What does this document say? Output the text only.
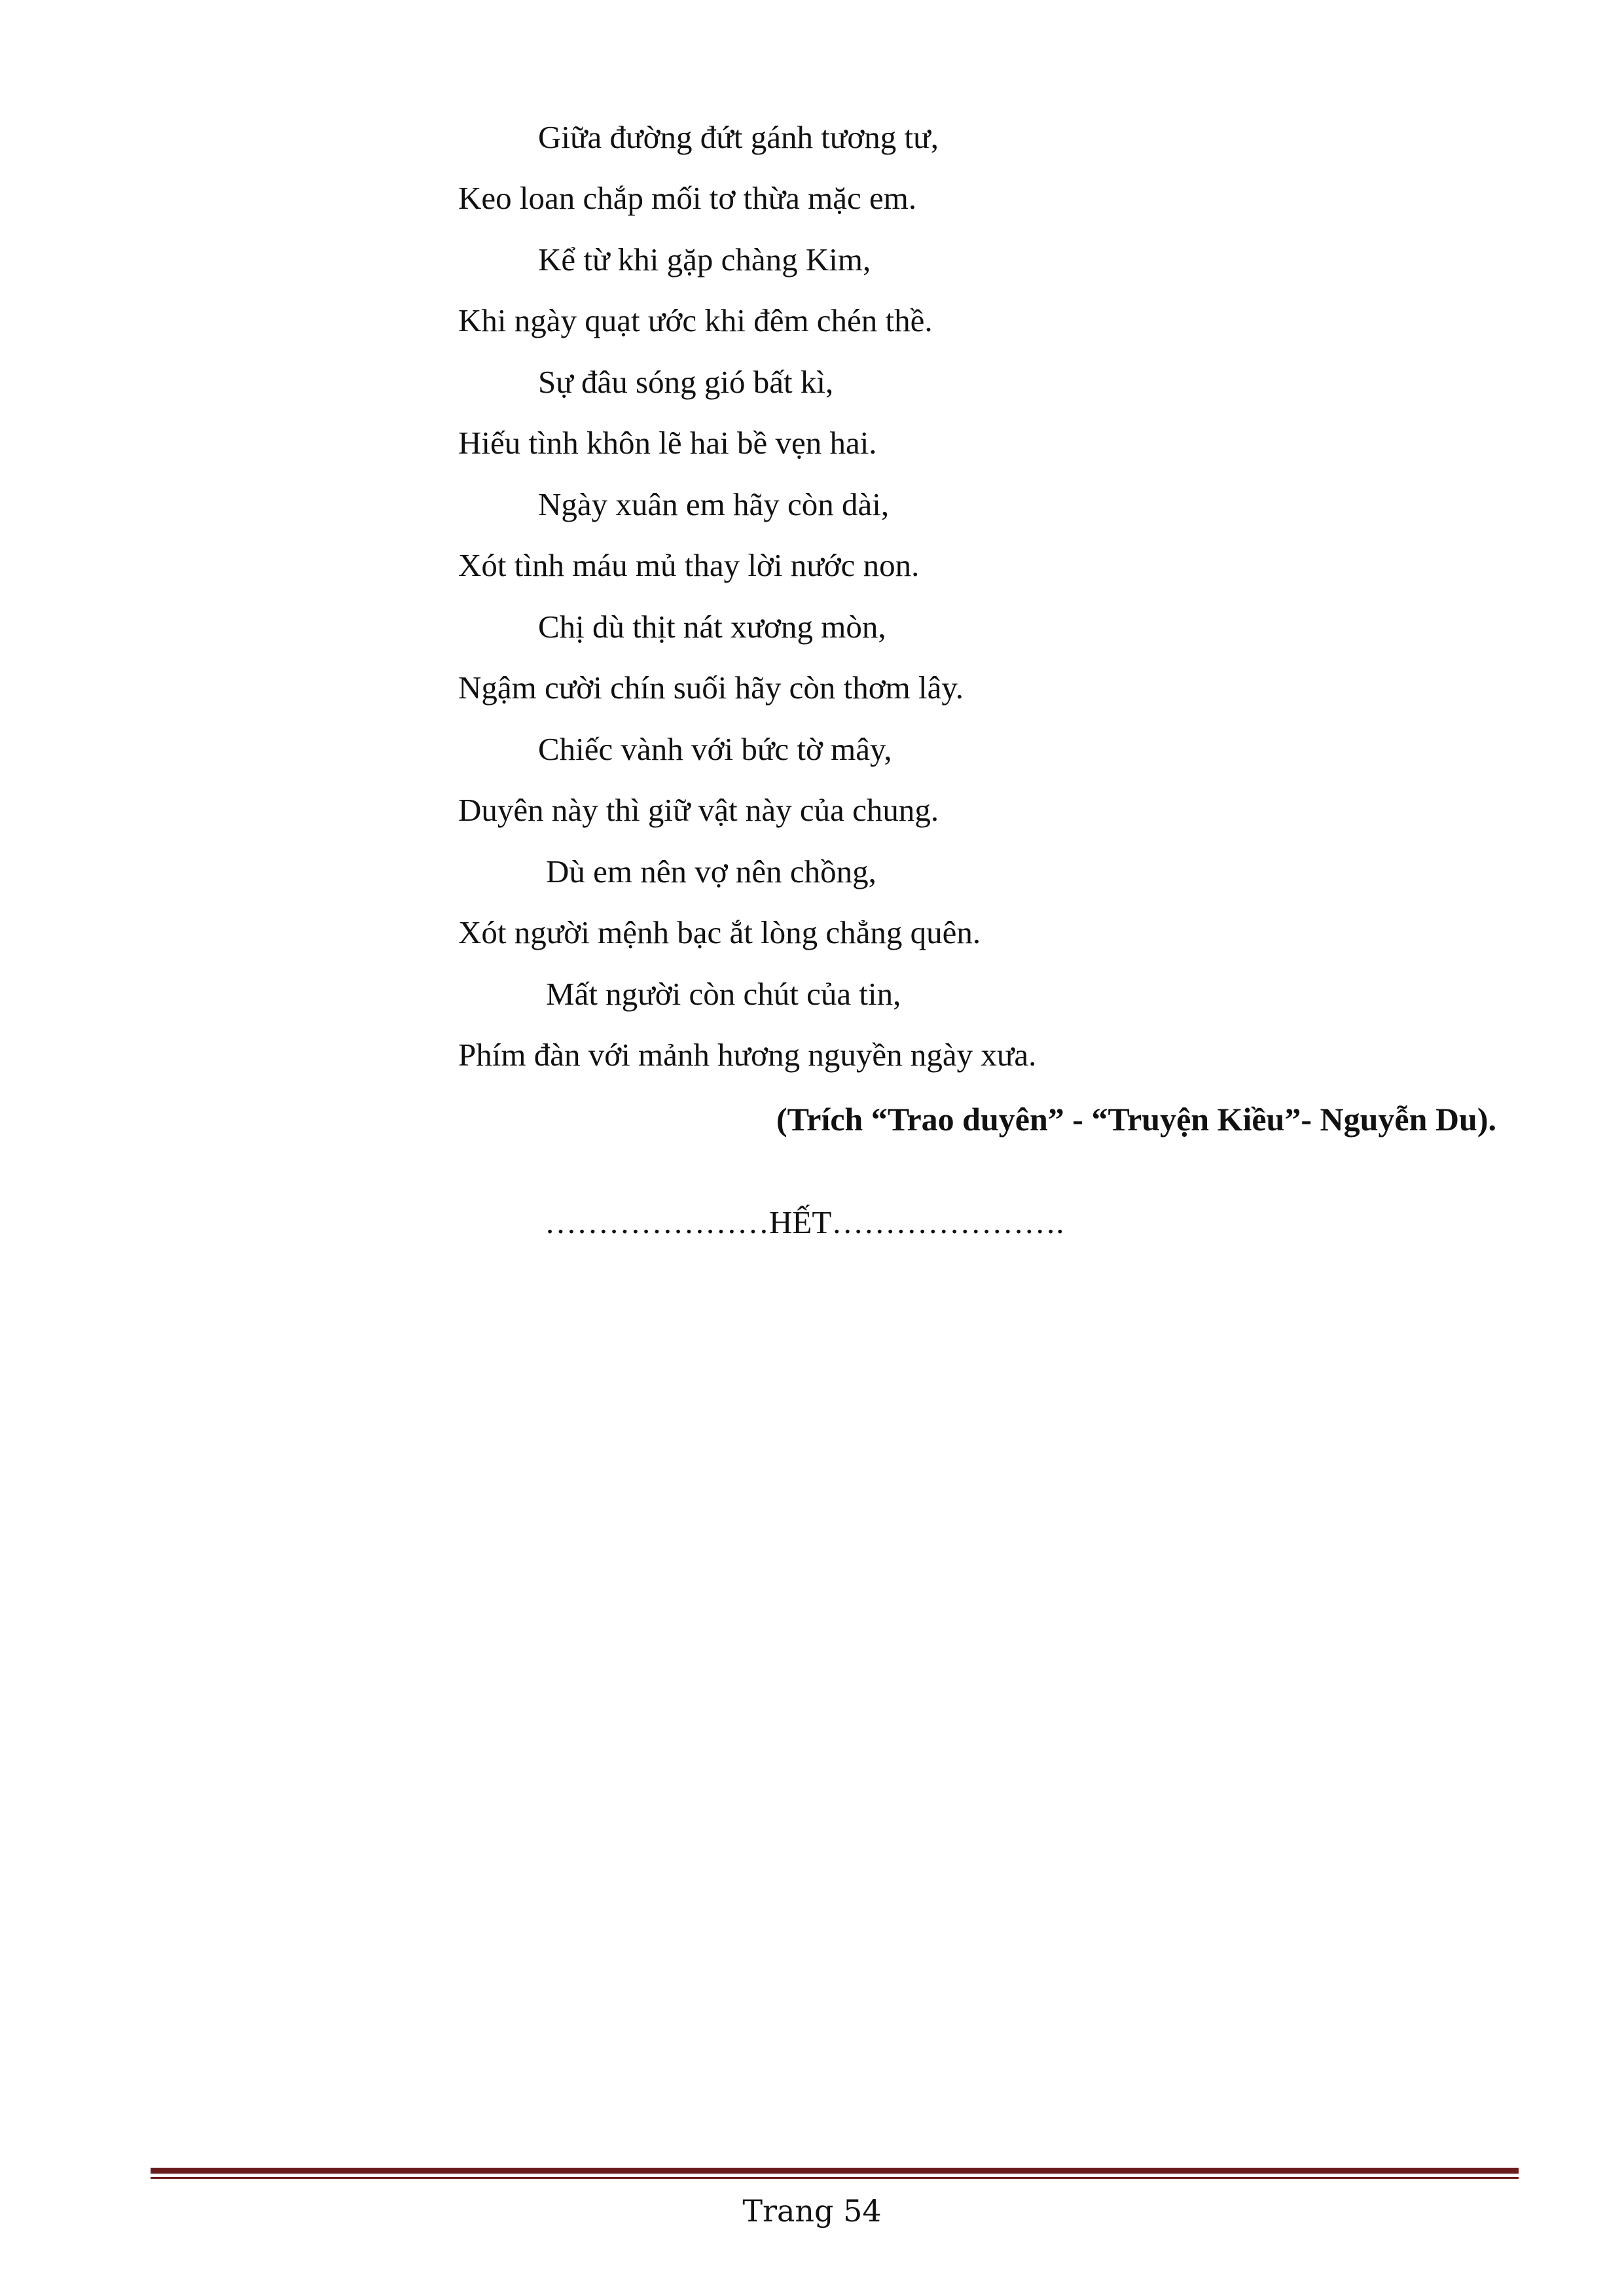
Giữa đường đứt gánh tương tư,
Keo loan chắp mối tơ thừa mặc em.
Kể từ khi gặp chàng Kim,
Khi ngày quạt ước khi đêm chén thề.
Sự đâu sóng gió bất kì,
Hiếu tình khôn lẽ hai bề vẹn hai.
Ngày xuân em hãy còn dài,
Xót tình máu mủ thay lời nước non.
Chị dù thịt nát xương mòn,
Ngậm cười chín suối hãy còn thơm lây.
Chiếc vành với bức tờ mây,
Duyên này thì giữ vật này của chung.
Dù em nên vợ nên chồng,
Xót người mệnh bạc ắt lòng chẳng quên.
Mất người còn chút của tin,
Phím đàn với mảnh hương nguyền ngày xưa.
(Trích “Trao duyên” - “Truyện Kiều”- Nguyễn Du).
…………………HẾT………………….
Trang 54
